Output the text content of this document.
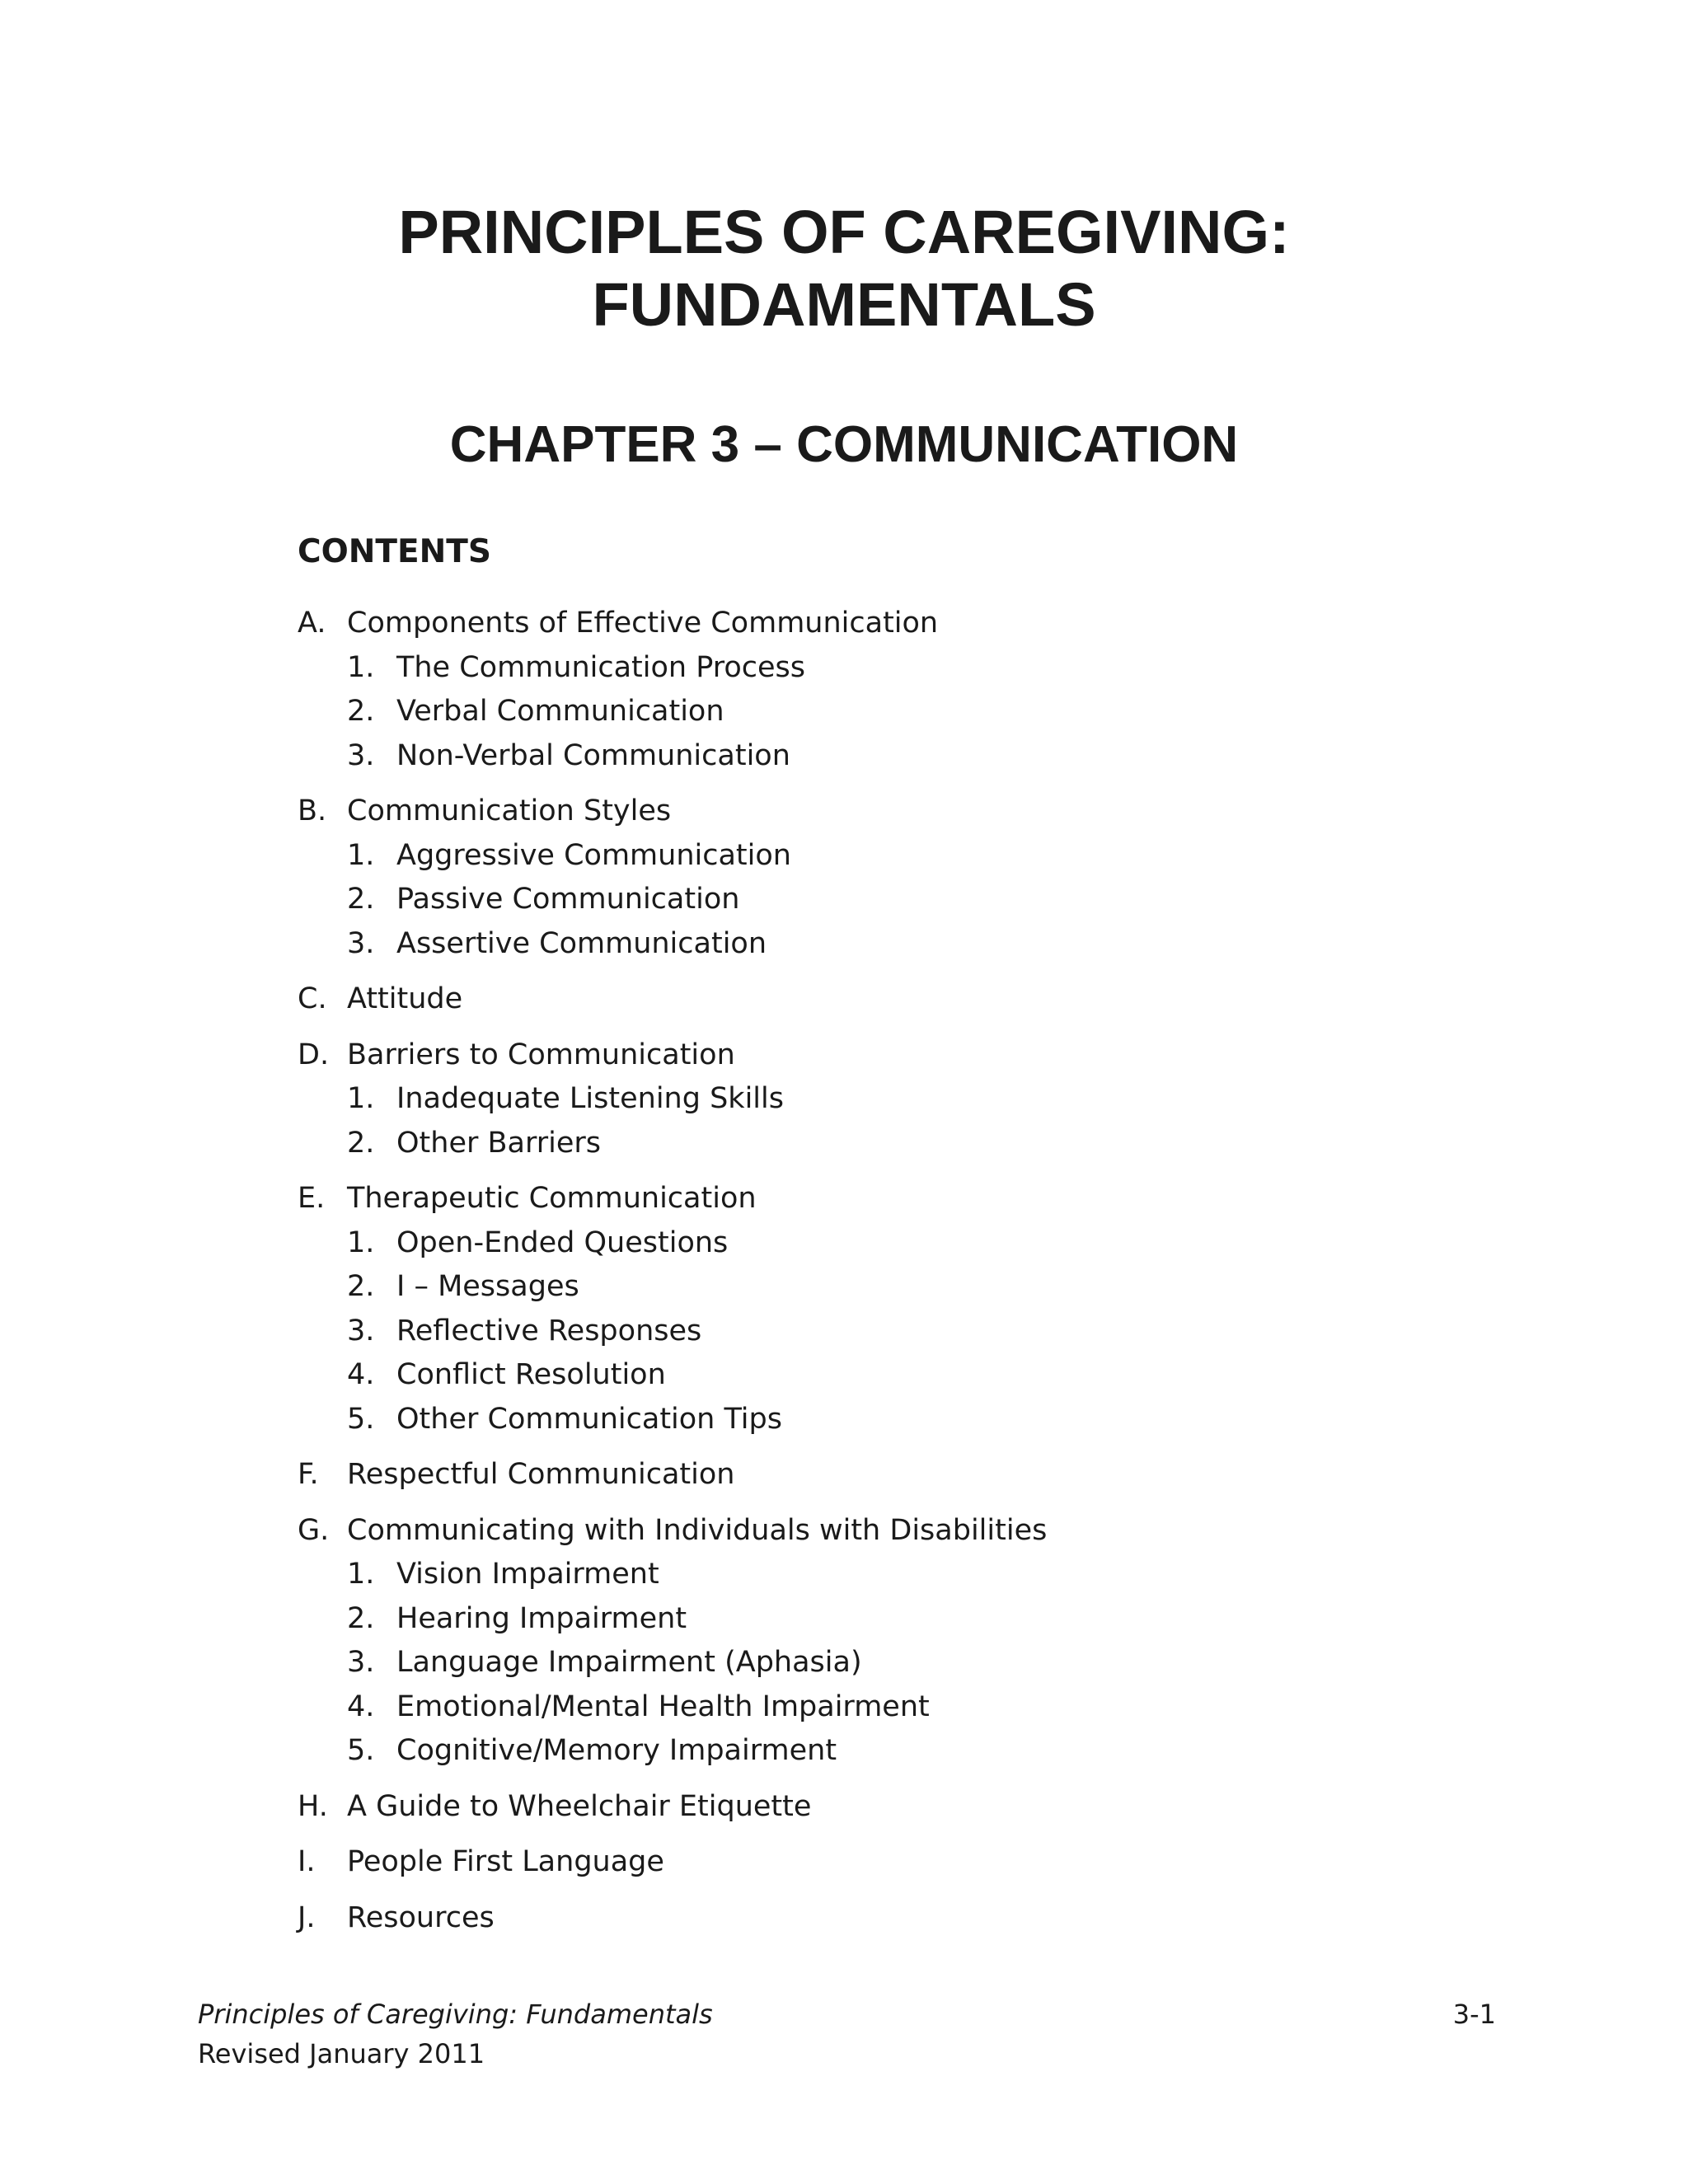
PRINCIPLES OF CAREGIVING:
FUNDAMENTALS
CHAPTER 3 – COMMUNICATION
CONTENTS
A. Components of Effective Communication
1. The Communication Process
2. Verbal Communication
3. Non-Verbal Communication
B. Communication Styles
1. Aggressive Communication
2. Passive Communication
3. Assertive Communication
C. Attitude
D. Barriers to Communication
1. Inadequate Listening Skills
2. Other Barriers
E. Therapeutic Communication
1. Open-Ended Questions
2. I – Messages
3. Reflective Responses
4. Conflict Resolution
5. Other Communication Tips
F. Respectful Communication
G. Communicating with Individuals with Disabilities
1. Vision Impairment
2. Hearing Impairment
3. Language Impairment (Aphasia)
4. Emotional/Mental Health Impairment
5. Cognitive/Memory Impairment
H. A Guide to Wheelchair Etiquette
I.	People First Language
J.	Resources
Principles of Caregiving: Fundamentals	3-1
Revised January 2011
